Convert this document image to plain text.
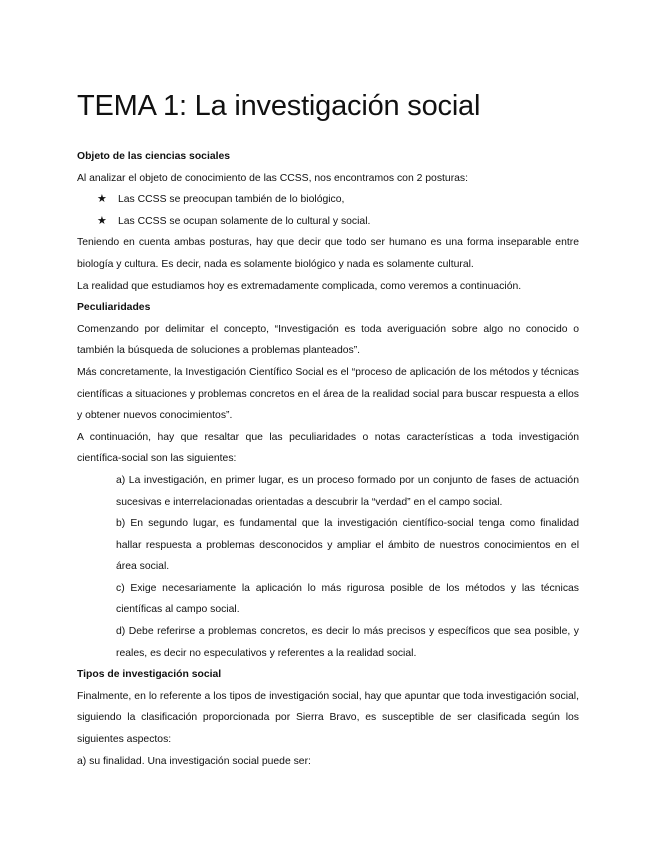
TEMA 1: La investigación social

Objeto de las ciencias sociales

Al analizar el objeto de conocimiento de las CCSS, nos encontramos con 2 posturas:

★ Las CCSS se preocupan también de lo biológico,
★ Las CCSS se ocupan solamente de lo cultural y social.

Teniendo en cuenta ambas posturas, hay que decir que todo ser humano es una forma inseparable entre biología y cultura. Es decir, nada es solamente biológico y nada es solamente cultural.

La realidad que estudiamos hoy es extremadamente complicada, como veremos a continuación.

Peculiaridades

Comenzando por delimitar el concepto, “Investigación es toda averiguación sobre algo no conocido o también la búsqueda de soluciones a problemas planteados”.

Más concretamente, la Investigación Científico Social es el “proceso de aplicación de los métodos y técnicas científicas a situaciones y problemas concretos en el área de la realidad social para buscar respuesta a ellos y obtener nuevos conocimientos”.

A continuación, hay que resaltar que las peculiaridades o notas características a toda investigación científica-social son las siguientes:

a) La investigación, en primer lugar, es un proceso formado por un conjunto de fases de actuación sucesivas e interrelacionadas orientadas a descubrir la “verdad” en el campo social.

b) En segundo lugar, es fundamental que la investigación científico-social tenga como finalidad hallar respuesta a problemas desconocidos y ampliar el ámbito de nuestros conocimientos en el área social.

c) Exige necesariamente la aplicación lo más rigurosa posible de los métodos y las técnicas científicas al campo social.

d) Debe referirse a problemas concretos, es decir lo más precisos y específicos que sea posible, y reales, es decir no especulativos y referentes a la realidad social.

Tipos de investigación social

Finalmente, en lo referente a los tipos de investigación social, hay que apuntar que toda investigación social, siguiendo la clasificación proporcionada por Sierra Bravo, es susceptible de ser clasificada según los siguientes aspectos:

a) su finalidad. Una investigación social puede ser:
